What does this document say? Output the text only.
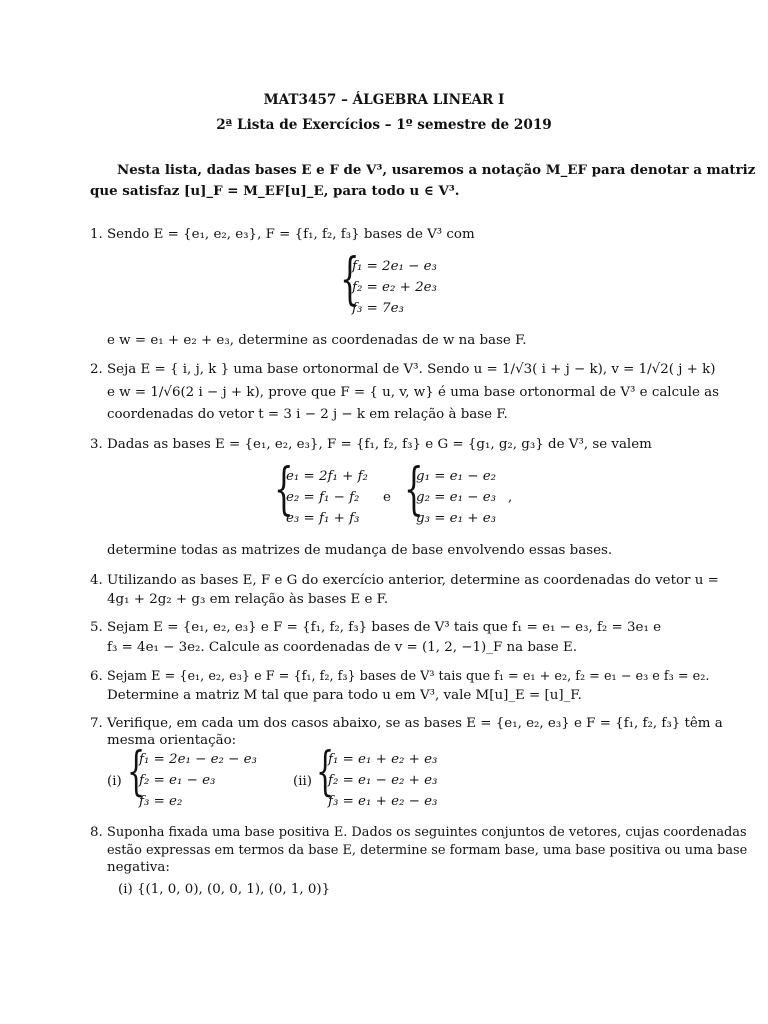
MAT3457 – ÁLGEBRA LINEAR I
2ª Lista de Exercícios – 1º semestre de 2019
Nesta lista, dadas bases E e F de V³, usaremos a notação M_EF para denotar a matriz
que satisfaz [u]_F = M_EF[u]_E, para todo u ∈ V³.
1. Sendo E = {e₁, e₂, e₃}, F = {f₁, f₂, f₃} bases de V³ com
{
f₁ = 2e₁ − e₃
f₂ = e₂ + 2e₃
f₃ = 7e₃
e w = e₁ + e₂ + e₃, determine as coordenadas de w na base F.
2. Seja E = { i, j, k } uma base ortonormal de V³. Sendo u = 1/√3( i + j − k), v = 1/√2( j + k)
e w = 1/√6(2 i − j + k), prove que F = { u, v, w} é uma base ortonormal de V³ e calcule as
coordenadas do vetor t = 3 i − 2 j − k em relação à base F.
3. Dadas as bases E = {e₁, e₂, e₃}, F = {f₁, f₂, f₃} e G = {g₁, g₂, g₃} de V³, se valem
{
e₁ = 2f₁ + f₂
e₂ = f₁ − f₂
e₃ = f₁ + f₃
e {
g₁ = e₁ − e₂
g₂ = e₁ − e₃
g₃ = e₁ + e₃
,
determine todas as matrizes de mudança de base envolvendo essas bases.
4. Utilizando as bases E, F e G do exercício anterior, determine as coordenadas do vetor u =
4g₁ + 2g₂ + g₃ em relação às bases E e F.
5. Sejam E = {e₁, e₂, e₃} e F = {f₁, f₂, f₃} bases de V³ tais que f₁ = e₁ − e₃, f₂ = 3e₁ e
f₃ = 4e₁ − 3e₂. Calcule as coordenadas de v = (1, 2, −1)_F na base E.
6. Sejam E = {e₁, e₂, e₃} e F = {f₁, f₂, f₃} bases de V³ tais que f₁ = e₁ + e₂, f₂ = e₁ − e₃ e f₃ = e₂.
Determine a matriz M tal que para todo u em V³, vale M[u]_E = [u]_F.
7. Verifique, em cada um dos casos abaixo, se as bases E = {e₁, e₂, e₃} e F = {f₁, f₂, f₃} têm a
mesma orientação:
(i) {
f₁ = 2e₁ − e₂ − e₃
f₂ = e₁ − e₃
f₃ = e₂
(ii) {
f₁ = e₁ + e₂ + e₃
f₂ = e₁ − e₂ + e₃
f₃ = e₁ + e₂ − e₃
8. Suponha fixada uma base positiva E. Dados os seguintes conjuntos de vetores, cujas coordenadas
estão expressas em termos da base E, determine se formam base, uma base positiva ou uma base
negativa:
(i) {(1, 0, 0), (0, 0, 1), (0, 1, 0)}
